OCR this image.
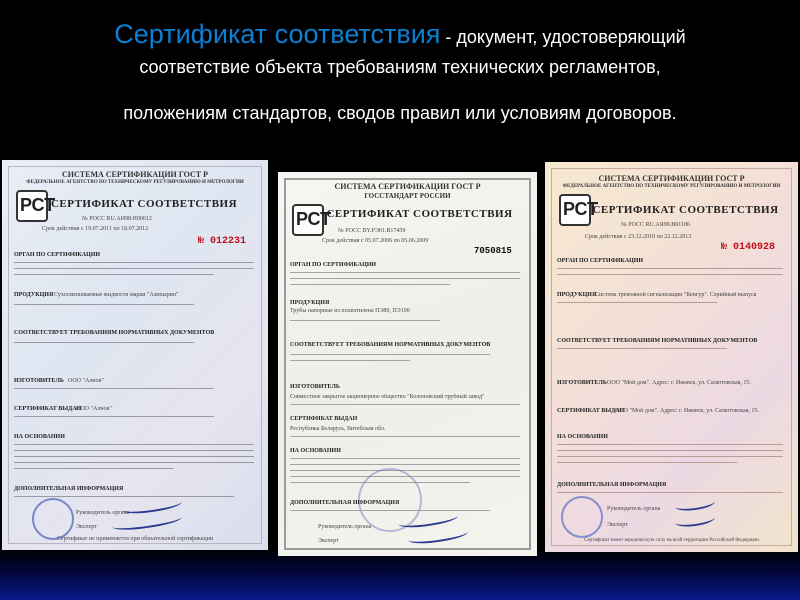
Сертификат соответствия - документ, удостоверяющий
соответствие объекта требованиям технических регламентов,
положениям стандартов, сводов правил или условиям договоров.
СИСТЕМА СЕРТИФИКАЦИИ ГОСТ Р
ФЕДЕРАЛЬНОЕ АГЕНТСТВО ПО ТЕХНИЧЕСКОМУ РЕГУЛИРОВАНИЮ И МЕТРОЛОГИИ
РСТ
СЕРТИФИКАТ СООТВЕТСТВИЯ
№ РОСС RU.АИ98.Н00612
Срок действия с 19.07.2011 по 18.07.2012
№ 012231
ОРГАН ПО СЕРТИФИКАЦИИ
ПРОДУКЦИЯ Сухосмешиваемые жидкости марки "Азипырин"
СООТВЕТСТВУЕТ ТРЕБОВАНИЯМ НОРМАТИВНЫХ ДОКУМЕНТОВ
ИЗГОТОВИТЕЛЬ ООО "Алнов"
СЕРТИФИКАТ ВЫДАН
ООО "Алнов"
НА ОСНОВАНИИ
ДОПОЛНИТЕЛЬНАЯ ИНФОРМАЦИЯ
Руководитель органа
Эксперт
Сертификат не применяется при обязательной сертификации
СИСТЕМА СЕРТИФИКАЦИИ ГОСТ Р
ГОССТАНДАРТ РОССИИ
РСТ
СЕРТИФИКАТ СООТВЕТСТВИЯ
№ РОСС BY.РЭ01.В17459
Срок действия с 05.07.2006 по 05.06.2009
7050815
ОРГАН ПО СЕРТИФИКАЦИИ
ПРОДУКЦИЯ
Трубы напорные из полиэтилена ПЭ80, ПЭ100
СООТВЕТСТВУЕТ ТРЕБОВАНИЯМ НОРМАТИВНЫХ ДОКУМЕНТОВ
ИЗГОТОВИТЕЛЬ
Совместное закрытое акционерное общество "Колоновский трубный завод"
СЕРТИФИКАТ ВЫДАН
Республика Беларусь, Витебская обл.
НА ОСНОВАНИИ
ДОПОЛНИТЕЛЬНАЯ ИНФОРМАЦИЯ
Руководитель органа
Эксперт
СИСТЕМА СЕРТИФИКАЦИИ ГОСТ Р
ФЕДЕРАЛЬНОЕ АГЕНТСТВО ПО ТЕХНИЧЕСКОМУ РЕГУЛИРОВАНИЮ И МЕТРОЛОГИИ
РСТ
СЕРТИФИКАТ СООТВЕТСТВИЯ
№ РОСС RU.АЯ99.В01186
Срок действия с 23.12.2010 по 22.12.2013
№ 0140928
ОРГАН ПО СЕРТИФИКАЦИИ
ПРОДУКЦИЯ
Система тревожной сигнализации "Кенгур". Серийный выпуск
СООТВЕТСТВУЕТ ТРЕБОВАНИЯМ НОРМАТИВНЫХ ДОКУМЕНТОВ
ИЗГОТОВИТЕЛЬ ООО "Мой дом". Адрес: г. Ижевск, ул. Салютовская, 15.
СЕРТИФИКАТ ВЫДАН
ООО "Мой дом". Адрес: г. Ижевск, ул. Салютовская, 15.
НА ОСНОВАНИИ
ДОПОЛНИТЕЛЬНАЯ ИНФОРМАЦИЯ
Руководитель органа
Эксперт
Сертификат имеет юридическую силу на всей территории Российской Федерации
